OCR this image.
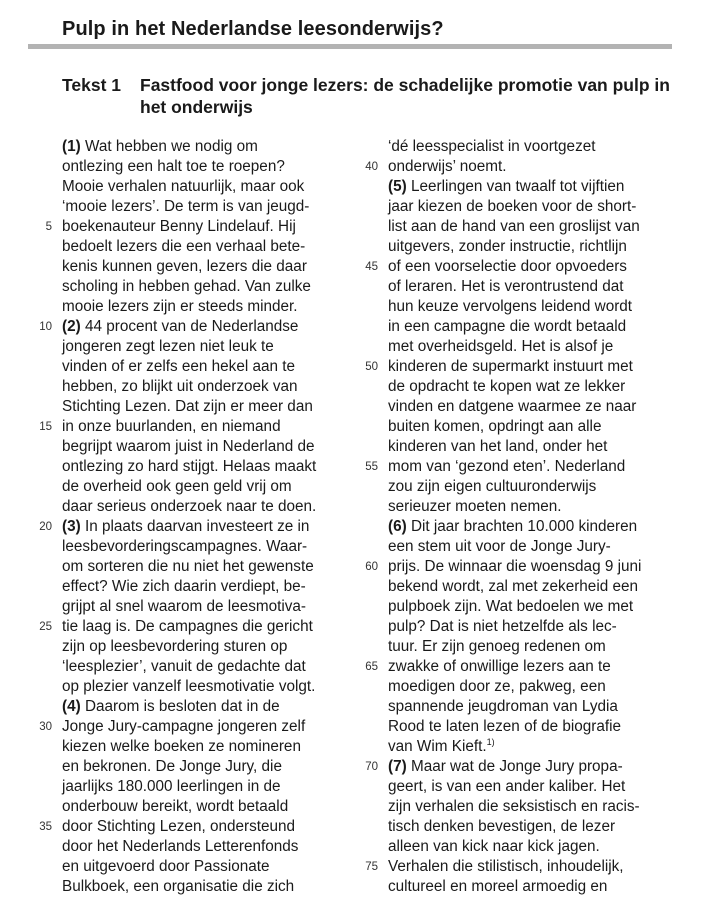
Pulp in het Nederlandse leesonderwijs?
Tekst 1 Fastfood voor jonge lezers: de schadelijke promotie van pulp in het onderwijs
(1) Wat hebben we nodig om
ontlezing een halt toe te roepen?
Mooie verhalen natuurlijk, maar ook
‘mooie lezers’. De term is van jeugd-
5 boekenauteur Benny Lindelauf. Hij
bedoelt lezers die een verhaal bete-
kenis kunnen geven, lezers die daar
scholing in hebben gehad. Van zulke
mooie lezers zijn er steeds minder.
10 (2) 44 procent van de Nederlandse
jongeren zegt lezen niet leuk te
vinden of er zelfs een hekel aan te
hebben, zo blijkt uit onderzoek van
Stichting Lezen. Dat zijn er meer dan
15 in onze buurlanden, en niemand
begrijpt waarom juist in Nederland de
ontlezing zo hard stijgt. Helaas maakt
de overheid ook geen geld vrij om
daar serieus onderzoek naar te doen.
20 (3) In plaats daarvan investeert ze in
leesbevorderingscampagnes. Waar-
om sorteren die nu niet het gewenste
effect? Wie zich daarin verdiept, be-
grijpt al snel waarom de leesmotiva-
25 tie laag is. De campagnes die gericht
zijn op leesbevordering sturen op
‘leesplezier’, vanuit de gedachte dat
op plezier vanzelf leesmotivatie volgt.
(4) Daarom is besloten dat in de
30 Jonge Jury-campagne jongeren zelf
kiezen welke boeken ze nomineren
en bekronen. De Jonge Jury, die
jaarlijks 180.000 leerlingen in de
onderbouw bereikt, wordt betaald
35 door Stichting Lezen, ondersteund
door het Nederlands Letterenfonds
en uitgevoerd door Passionate
Bulkboek, een organisatie die zich
‘dé leesspecialist in voortgezet
40 onderwijs’ noemt.
(5) Leerlingen van twaalf tot vijftien
jaar kiezen de boeken voor de short-
list aan de hand van een groslijst van
uitgevers, zonder instructie, richtlijn
45 of een voorselectie door opvoeders
of leraren. Het is verontrustend dat
hun keuze vervolgens leidend wordt
in een campagne die wordt betaald
met overheidsgeld. Het is alsof je
50 kinderen de supermarkt instuurt met
de opdracht te kopen wat ze lekker
vinden en datgene waarmee ze naar
buiten komen, opdringt aan alle
kinderen van het land, onder het
55 mom van ‘gezond eten’. Nederland
zou zijn eigen cultuuronderwijs
serieuzer moeten nemen.
(6) Dit jaar brachten 10.000 kinderen
een stem uit voor de Jonge Jury-
60 prijs. De winnaar die woensdag 9 juni
bekend wordt, zal met zekerheid een
pulpboek zijn. Wat bedoelen we met
pulp? Dat is niet hetzelfde als lec-
tuur. Er zijn genoeg redenen om
65 zwakke of onwillige lezers aan te
moedigen door ze, pakweg, een
spannende jeugdroman van Lydia
Rood te laten lezen of de biografie
van Wim Kieft.$^{1)}$
70 (7) Maar wat de Jonge Jury propa-
geert, is van een ander kaliber. Het
zijn verhalen die seksistisch en racis-
tisch denken bevestigen, de lezer
alleen van kick naar kick jagen.
75 Verhalen die stilistisch, inhoudelijk,
cultureel en moreel armoedig en
